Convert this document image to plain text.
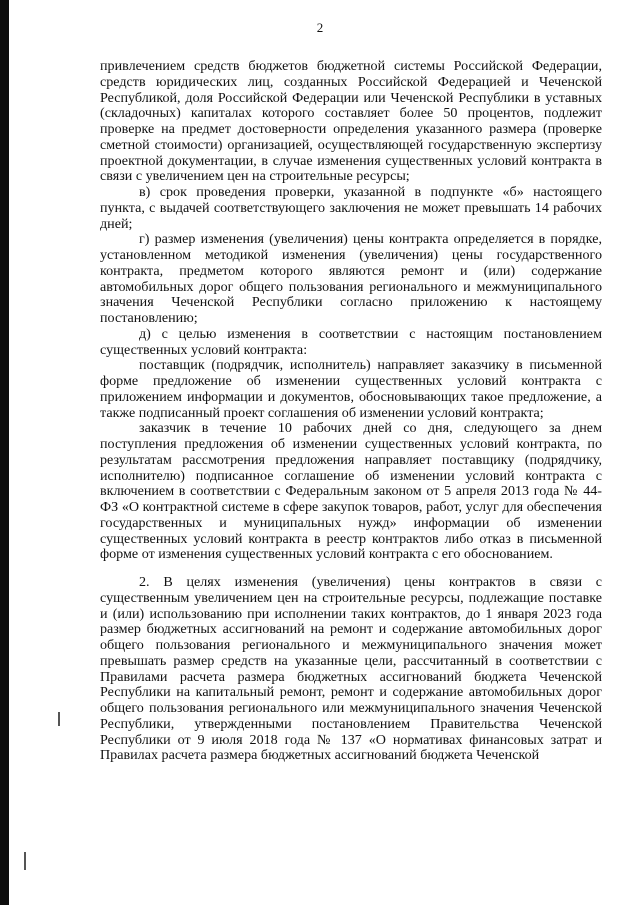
2

привлечением средств бюджетов бюджетной системы Российской Федерации, средств юридических лиц, созданных Российской Федерацией и Чеченской Республикой, доля Российской Федерации или Чеченской Республики в уставных (складочных) капиталах которого составляет более 50 процентов, подлежит проверке на предмет достоверности определения указанного размера (проверке сметной стоимости) организацией, осуществляющей государственную экспертизу проектной документации, в случае изменения существенных условий контракта в связи с увеличением цен на строительные ресурсы;

в) срок проведения проверки, указанной в подпункте «б» настоящего пункта, с выдачей соответствующего заключения не может превышать 14 рабочих дней;

г) размер изменения (увеличения) цены контракта определяется в порядке, установленном методикой изменения (увеличения) цены государственного контракта, предметом которого являются ремонт и (или) содержание автомобильных дорог общего пользования регионального и межмуниципального значения Чеченской Республики согласно приложению к настоящему постановлению;

д) с целью изменения в соответствии с настоящим постановлением существенных условий контракта:

поставщик (подрядчик, исполнитель) направляет заказчику в письменной форме предложение об изменении существенных условий контракта с приложением информации и документов, обосновывающих такое предложение, а также подписанный проект соглашения об изменении условий контракта;

заказчик в течение 10 рабочих дней со дня, следующего за днем поступления предложения об изменении существенных условий контракта, по результатам рассмотрения предложения направляет поставщику (подрядчику, исполнителю) подписанное соглашение об изменении условий контракта с включением в соответствии с Федеральным законом от 5 апреля 2013 года № 44-ФЗ «О контрактной системе в сфере закупок товаров, работ, услуг для обеспечения государственных и муниципальных нужд» информации об изменении существенных условий контракта в реестр контрактов либо отказ в письменной форме от изменения существенных условий контракта с его обоснованием.

2. В целях изменения (увеличения) цены контрактов в связи с существенным увеличением цен на строительные ресурсы, подлежащие поставке и (или) использованию при исполнении таких контрактов, до 1 января 2023 года размер бюджетных ассигнований на ремонт и содержание автомобильных дорог общего пользования регионального и межмуниципального значения может превышать размер средств на указанные цели, рассчитанный в соответствии с Правилами расчета размера бюджетных ассигнований бюджета Чеченской Республики на капитальный ремонт, ремонт и содержание автомобильных дорог общего пользования регионального или межмуниципального значения Чеченской Республики, утвержденными постановлением Правительства Чеченской Республики от 9 июля 2018 года № 137 «О нормативах финансовых затрат и Правилах расчета размера бюджетных ассигнований бюджета Чеченской
